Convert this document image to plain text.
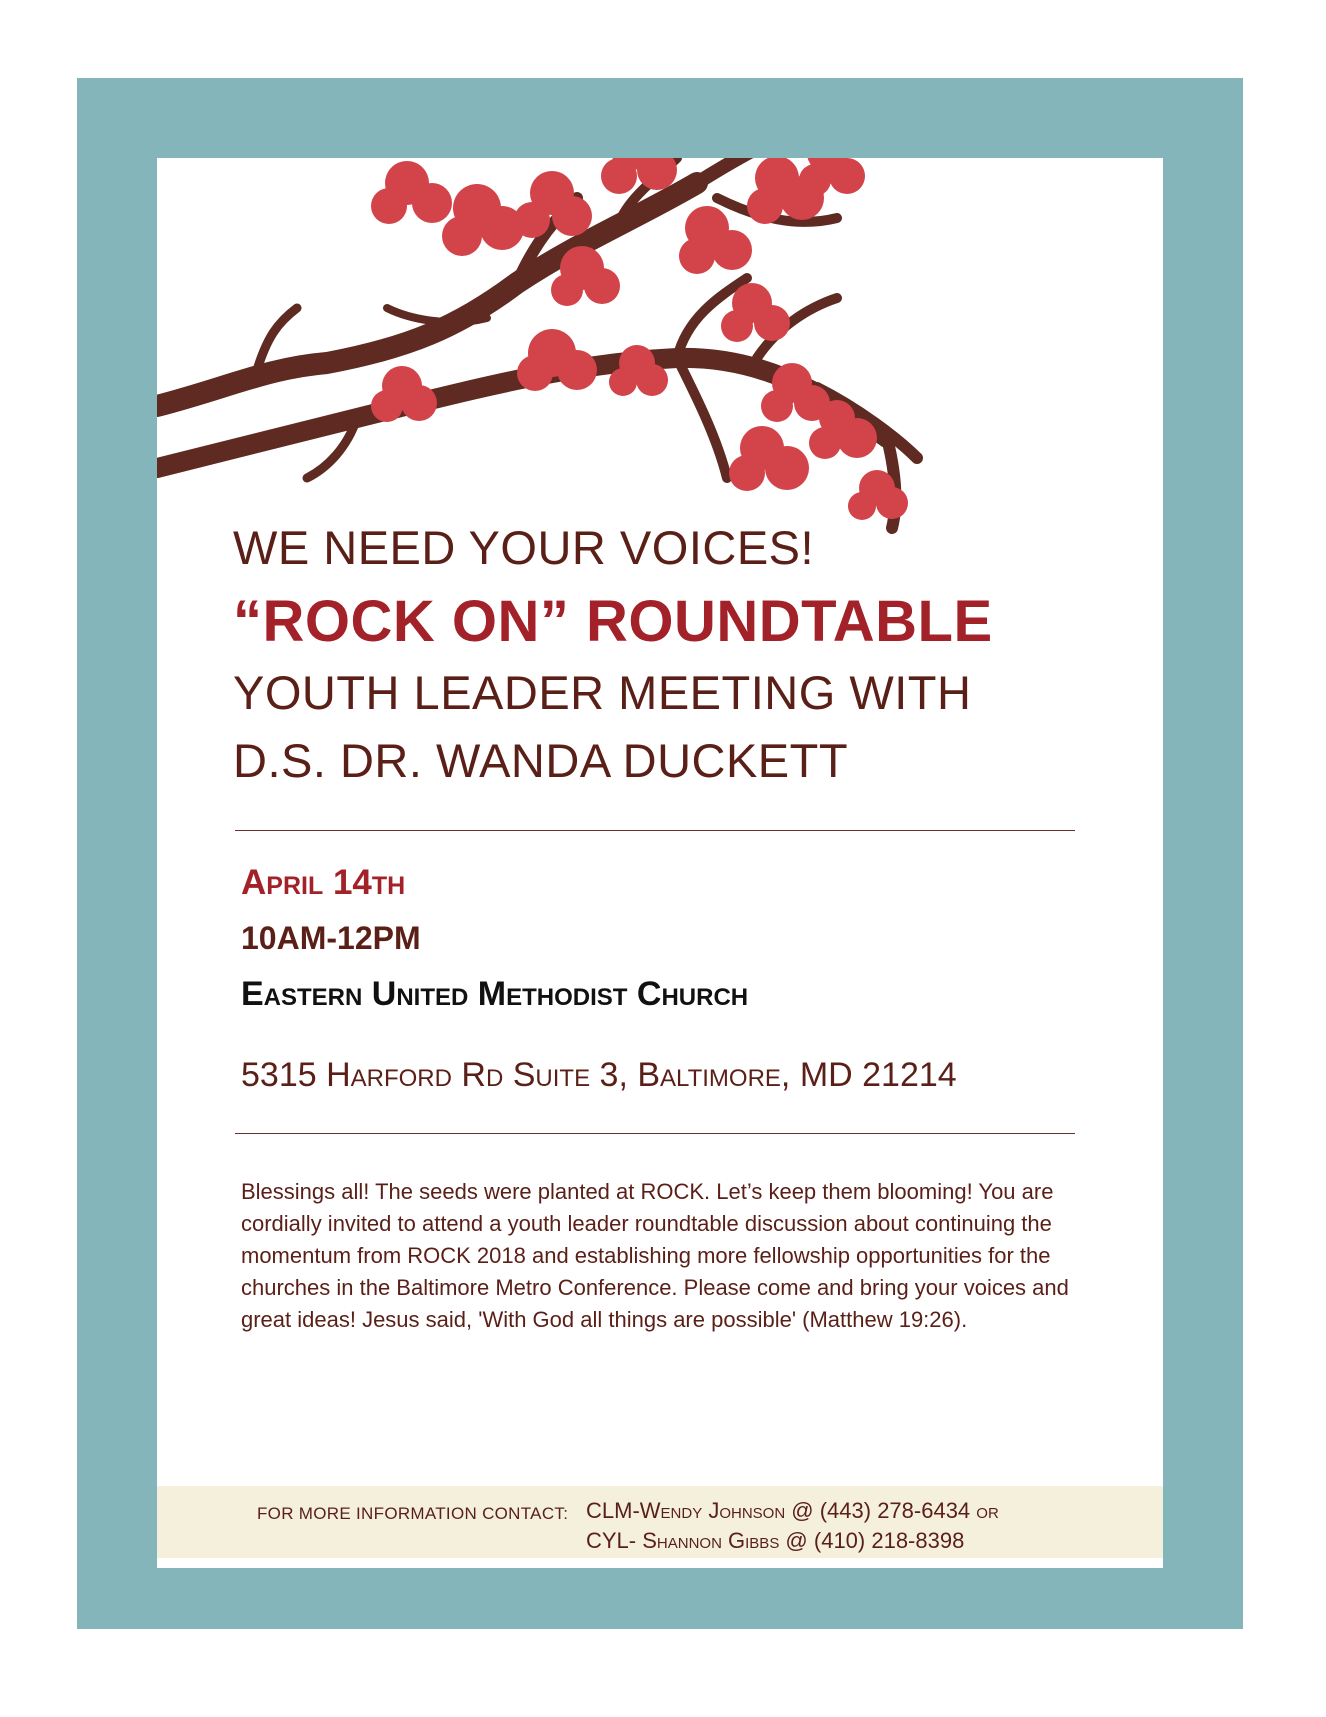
WE NEED YOUR VOICES!
“ROCK ON” ROUNDTABLE
YOUTH LEADER MEETING WITH
D.S. DR. WANDA DUCKETT
April 14th
10AM-12PM
Eastern United Methodist Church
5315 Harford Rd Suite 3, Baltimore, MD 21214
Blessings all! The seeds were planted at ROCK. Let’s keep them blooming! You are cordially invited to attend a youth leader roundtable discussion about continuing the momentum from ROCK 2018 and establishing more fellowship opportunities for the churches in the Baltimore Metro Conference. Please come and bring your voices and great ideas! Jesus said, 'With God all things are possible' (Matthew 19:26).
FOR MORE INFORMATION CONTACT: CLM-Wendy Johnson @ (443) 278-6434 or
CYL- Shannon Gibbs @ (410) 218-8398
